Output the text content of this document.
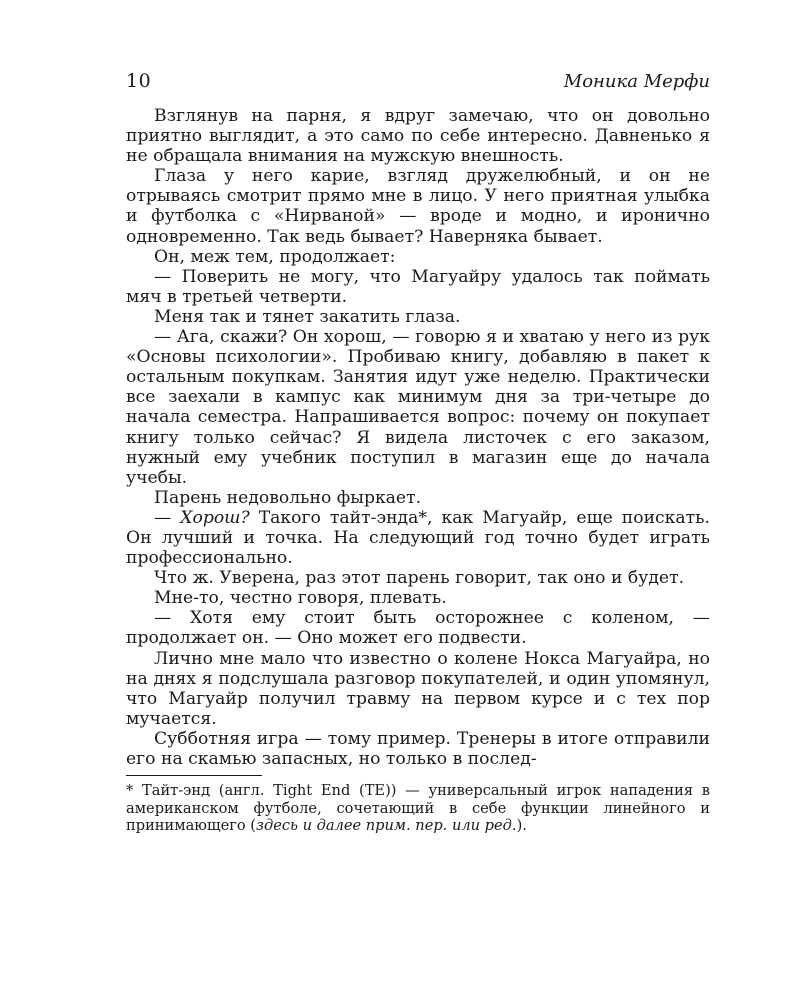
10	Моника Мерфи

Взглянув на парня, я вдруг замечаю, что он довольно приятно выглядит, а это само по себе интересно. Давненько я не обращала внимания на мужскую внешность.

Глаза у него карие, взгляд дружелюбный, и он не отрываясь смотрит прямо мне в лицо. У него приятная улыбка и футболка с «Нирваной» — вроде и модно, и иронично одновременно. Так ведь бывает? Наверняка бывает.

Он, меж тем, продолжает:

— Поверить не могу, что Магуайру удалось так поймать мяч в третьей четверти.

Меня так и тянет закатить глаза.

— Ага, скажи? Он хорош, — говорю я и хватаю у него из рук «Основы психологии». Пробиваю книгу, добавляю в пакет к остальным покупкам. Занятия идут уже неделю. Практически все заехали в кампус как минимум дня за три-четыре до начала семестра. Напрашивается вопрос: почему он покупает книгу только сейчас? Я видела листочек с его заказом, нужный ему учебник поступил в магазин еще до начала учебы.

Парень недовольно фыркает.

— Хорош? Такого тайт-энда*, как Магуайр, еще поискать. Он лучший и точка. На следующий год точно будет играть профессионально.

Что ж. Уверена, раз этот парень говорит, так оно и будет.

Мне-то, честно говоря, плевать.

— Хотя ему стоит быть осторожнее с коленом, — продолжает он. — Оно может его подвести.

Лично мне мало что известно о колене Нокса Магуайра, но на днях я подслушала разговор покупателей, и один упомянул, что Магуайр получил травму на первом курсе и с тех пор мучается.

Субботняя игра — тому пример. Тренеры в итоге отправили его на скамью запасных, но только в послед-

* Тайт-энд (англ. Tight End (TE)) — универсальный игрок нападения в американском футболе, сочетающий в себе функции линейного и принимающего (здесь и далее прим. пер. или ред.).
